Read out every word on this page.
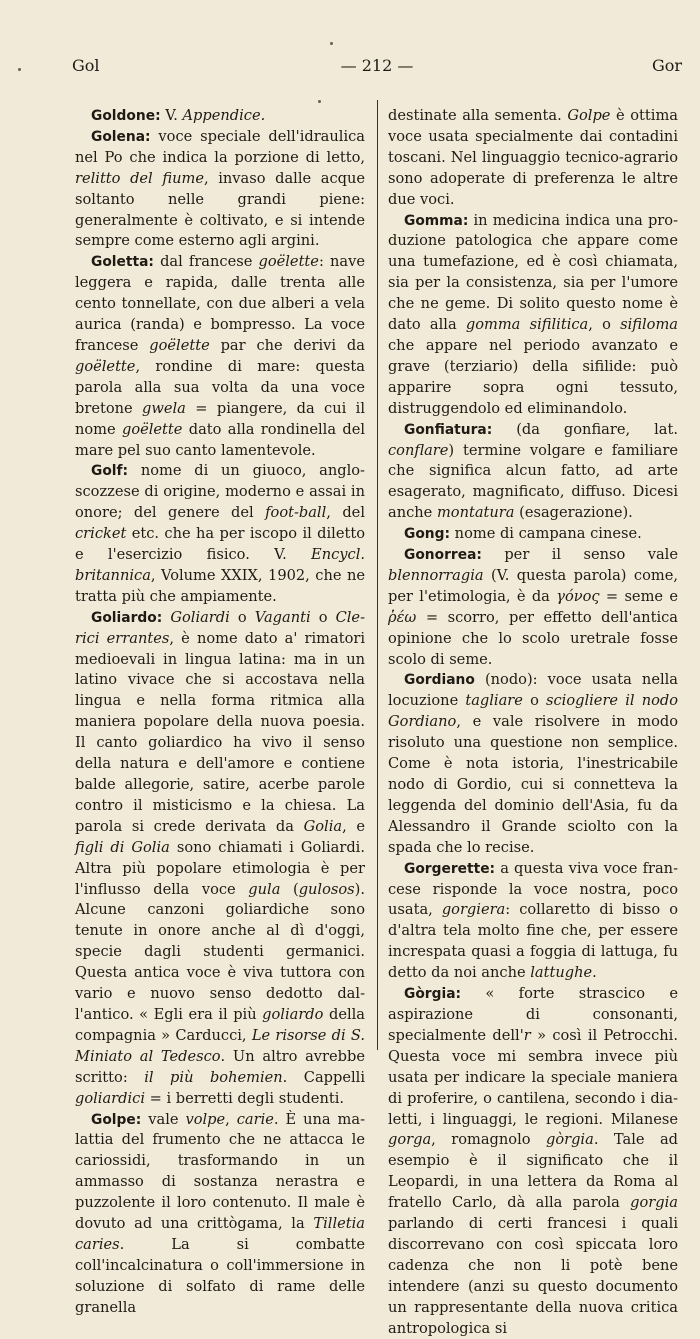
Gol	— 212 —	Gor

Goldone: V. Appendice.

Golena: voce speciale dell'idraulica nel Po che indica la porzione di letto, relitto del fiume, invaso dalle acque soltanto nelle grandi piene: generalmente è coltivato, e si intende sempre come esterno agli argini.

Goletta: dal francese goëlette: nave leggera e rapida, dalle trenta alle cento tonnellate, con due alberi a vela aurica (randa) e bompresso. La voce francese goëlette par che derivi da goëlette, rondine di mare: questa parola alla sua volta da una voce bretone gwela = piangere, da cui il nome goëlette dato alla rondinella del mare pel suo canto lamentevole.

Golf: nome di un giuoco, anglo-scozzese di origine, moderno e assai in onore; del genere del foot-ball, del cricket etc. che ha per iscopo il diletto e l'esercizio fisico. V. Encycl. britannica, Volume XXIX, 1902, che ne tratta più che ampiamente.

Goliardo: Goliardi o Vaganti o Clerici errantes, è nome dato a' rimatori medioevali in lingua latina: ma in un latino vivace che si accostava nella lingua e nella forma ritmica alla maniera popolare della nuova poesia. Il canto goliardico ha vivo il senso della natura e dell'amore e contiene balde allegorie, satire, acerbe parole contro il misticismo e la chiesa. La parola si crede derivata da Golia, e figli di Golia sono chiamati i Goliardi. Altra più popolare etimologia è per l'influsso della voce gula (gulosos). Alcune canzoni goliardiche sono tenute in onore anche al dì d'oggi, specie dagli studenti germanici. Questa antica voce è viva tuttora con vario e nuovo senso dedotto dall'antico. « Egli era il più goliardo della compagnia » Carducci, Le risorse di S. Miniato al Tedesco. Un altro avrebbe scritto: il più bohemien. Cappelli goliardici = i berretti degli studenti.

Golpe: vale volpe, carie. È una malattia del frumento che ne attacca le cariossidi, trasformando in un ammasso di sostanza nerastra e puzzolente il loro contenuto. Il male è dovuto ad una crittògama, la Tilletia caries. La si combatte coll'incalcinatura o coll'immersione in soluzione di solfato di rame delle granella

destinate alla sementa. Golpe è ottima voce usata specialmente dai contadini toscani. Nel linguaggio tecnico-agrario sono adoperate di preferenza le altre due voci.

Gomma: in medicina indica una produzione patologica che appare come una tumefazione, ed è così chiamata, sia per la consistenza, sia per l'umore che ne geme. Di solito questo nome è dato alla gomma sifilitica, o sifiloma che appare nel periodo avanzato e grave (terziario) della sifilide: può apparire sopra ogni tessuto, distruggendolo ed eliminandolo.

Gonfiatura: (da gonfiare, lat. conflare) termine volgare e familiare che significa alcun fatto, ad arte esagerato, magnificato, diffuso. Dicesi anche montatura (esagerazione).

Gong: nome di campana cinese.

Gonorrea: per il senso vale blennorragia (V. questa parola) come, per l'etimologia, è da γόνος = seme e ῥέω = scorro, per effetto dell'antica opinione che lo scolo uretrale fosse scolo di seme.

Gordiano (nodo): voce usata nella locuzione tagliare o sciogliere il nodo Gordiano, e vale risolvere in modo risoluto una questione non semplice. Come è nota istoria, l'inestricabile nodo di Gordio, cui si connetteva la leggenda del dominio dell'Asia, fu da Alessandro il Grande sciolto con la spada che lo recise.

Gorgerette: a questa viva voce francese risponde la voce nostra, poco usata, gorgiera: collaretto di bisso o d'altra tela molto fine che, per essere increspata quasi a foggia di lattuga, fu detto da noi anche lattughe.

Gòrgia: « forte strascico e aspirazione di consonanti, specialmente dell'r » così il Petrocchi. Questa voce mi sembra invece più usata per indicare la speciale maniera di proferire, o cantilena, secondo i dialetti, i linguaggi, le regioni. Milanese gorga, romagnolo gòrgia. Tale ad esempio è il significato che il Leopardi, in una lettera da Roma al fratello Carlo, dà alla parola gorgia parlando di certi francesi i quali discorrevano con così spiccata loro cadenza che non li potè bene intendere (anzi su questo documento un rappresentante della nuova critica antropologica si
